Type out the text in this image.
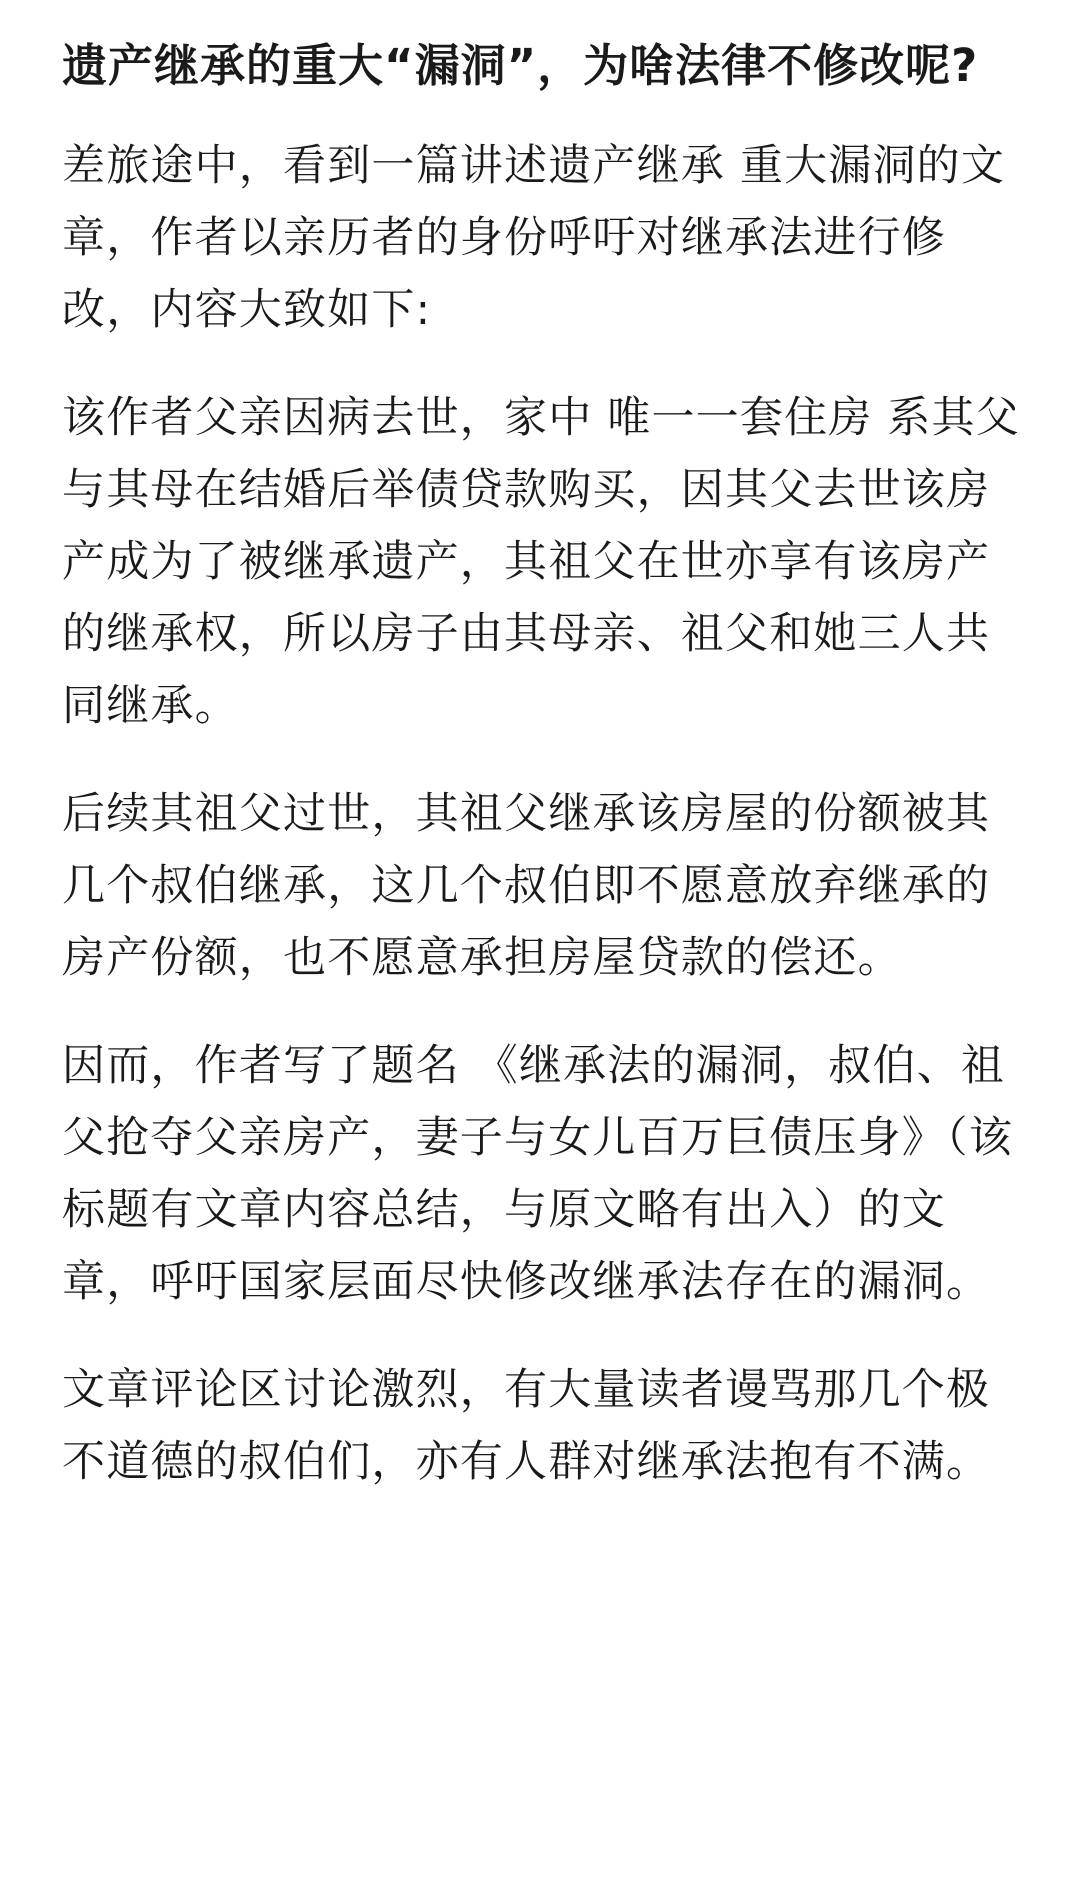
遗产继承的重大“漏洞”，为啥法律不修改呢?

差旅途中，看到一篇讲述遗产继承 重大漏洞的文章，作者以亲历者的身份呼吁对继承法进行修改，内容大致如下:

该作者父亲因病去世，家中 唯一一套住房 系其父与其母在结婚后举债贷款购买，因其父去世该房产成为了被继承遗产，其祖父在世亦享有该房产的继承权，所以房子由其母亲、祖父和她三人共同继承。

后续其祖父过世，其祖父继承该房屋的份额被其几个叔伯继承，这几个叔伯即不愿意放弃继承的房产份额，也不愿意承担房屋贷款的偿还。

因而，作者写了题名 《继承法的漏洞，叔伯、祖父抢夺父亲房产，妻子与女儿百万巨债压身》（该标题有文章内容总结，与原文略有出入）的文章，呼吁国家层面尽快修改继承法存在的漏洞。

文章评论区讨论激烈，有大量读者谩骂那几个极不道德的叔伯们，亦有人群对继承法抱有不满。
